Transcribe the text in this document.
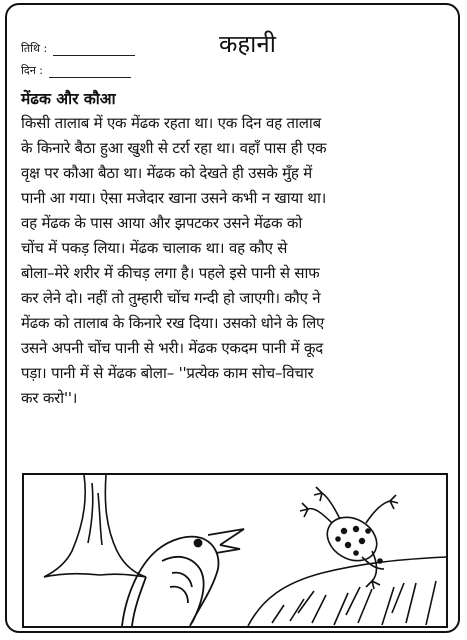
तिथि :
दिन :
कहानी
मेंढक और कौआ

किसी तालाब में एक मेंढक रहता था। एक दिन वह तालाब
के किनारे बैठा हुआ खुशी से टर्रा रहा था। वहाँ पास ही एक
वृक्ष पर कौआ बैठा था। मेंढक को देखते ही उसके मुँह में
पानी आ गया। ऐसा मजेदार खाना उसने कभी न खाया था।
वह मेंढक के पास आया और झपटकर उसने मेंढक को
चोंच में पकड़ लिया। मेंढक चालाक था। वह कौए से
बोला–मेरे शरीर में कीचड़ लगा है। पहले इसे पानी से साफ
कर लेने दो। नहीं तो तुम्हारी चोंच गन्दी हो जाएगी। कौए ने
मेंढक को तालाब के किनारे रख दिया। उसको धोने के लिए
उसने अपनी चोंच पानी से भरी। मेंढक एकदम पानी में कूद
पड़ा। पानी में से मेंढक बोला– ''प्रत्येक काम सोच–विचार
कर करो''।
